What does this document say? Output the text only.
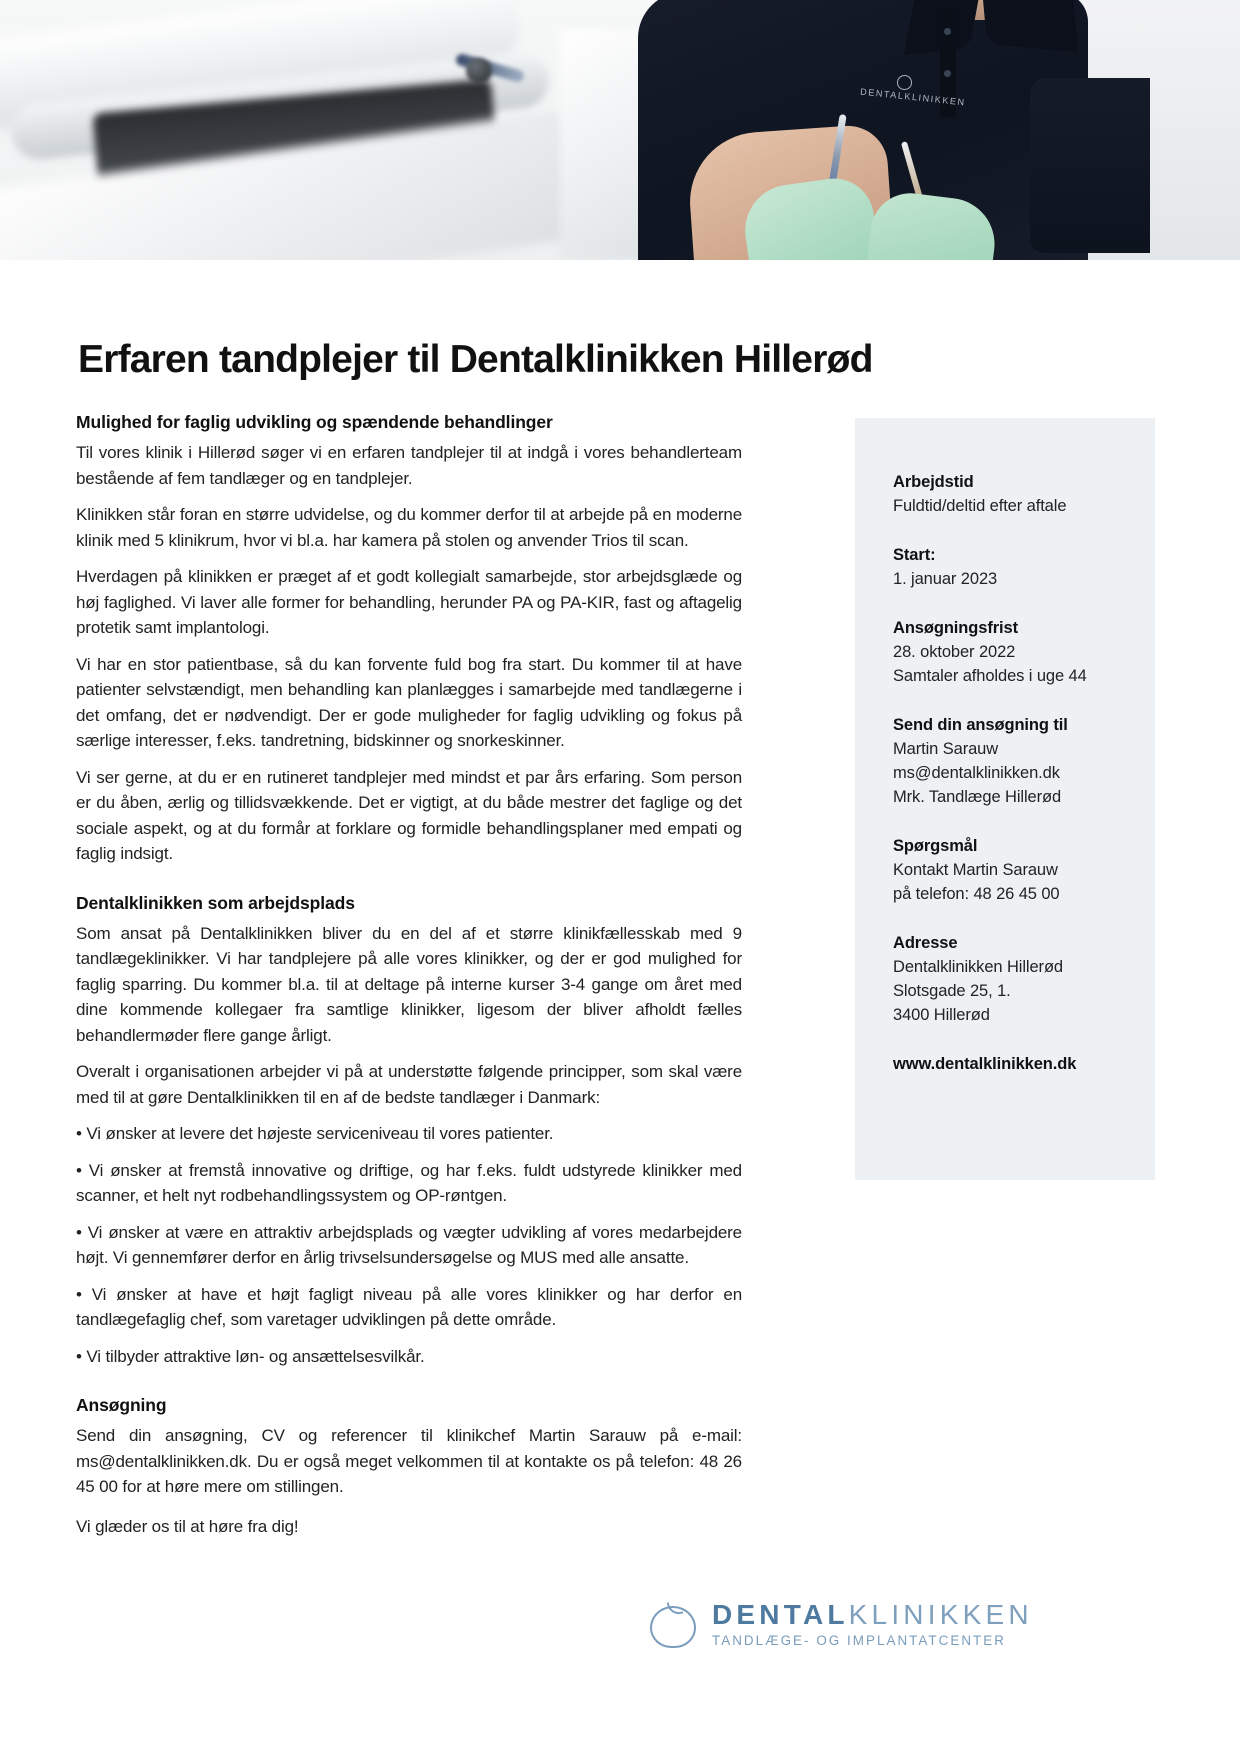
DENTALKLINIKKEN
Erfaren tandplejer til Dentalklinikken Hillerød
Mulighed for faglig udvikling og spændende behandlinger

Til vores klinik i Hillerød søger vi en erfaren tandplejer til at indgå i vores behandlerteam bestående af fem tandlæger og en tandplejer.

Klinikken står foran en større udvidelse, og du kommer derfor til at arbejde på en moderne klinik med 5 klinikrum, hvor vi bl.a. har kamera på stolen og anvender Trios til scan.

Hverdagen på klinikken er præget af et godt kollegialt samarbejde, stor arbejdsglæde og høj faglighed. Vi laver alle former for behandling, herunder PA og PA-KIR, fast og aftagelig protetik samt implantologi.

Vi har en stor patientbase, så du kan forvente fuld bog fra start. Du kommer til at have patienter selvstændigt, men behandling kan planlægges i samarbejde med tandlægerne i det omfang, det er nødvendigt. Der er gode muligheder for faglig udvikling og fokus på særlige interesser, f.eks. tandretning, bidskinner og snorkeskinner.

Vi ser gerne, at du er en rutineret tandplejer med mindst et par års erfaring. Som person er du åben, ærlig og tillidsvækkende. Det er vigtigt, at du både mestrer det faglige og det sociale aspekt, og at du formår at forklare og formidle behandlingsplaner med empati og faglig indsigt.

Dentalklinikken som arbejdsplads

Som ansat på Dentalklinikken bliver du en del af et større klinikfællesskab med 9 tandlægeklinikker. Vi har tandplejere på alle vores klinikker, og der er god mulighed for faglig sparring. Du kommer bl.a. til at deltage på interne kurser 3-4 gange om året med dine kommende kollegaer fra samtlige klinikker, ligesom der bliver afholdt fælles behandlermøder flere gange årligt.

Overalt i organisationen arbejder vi på at understøtte følgende principper, som skal være med til at gøre Dentalklinikken til en af de bedste tandlæger i Danmark:

• Vi ønsker at levere det højeste serviceniveau til vores patienter.

• Vi ønsker at fremstå innovative og driftige, og har f.eks. fuldt udstyrede klinikker med scanner, et helt nyt rodbehandlingssystem og OP-røntgen.

• Vi ønsker at være en attraktiv arbejdsplads og vægter udvikling af vores medarbejdere højt. Vi gennemfører derfor en årlig trivselsundersøgelse og MUS med alle ansatte.

• Vi ønsker at have et højt fagligt niveau på alle vores klinikker og har derfor en tandlægefaglig chef, som varetager udviklingen på dette område.

• Vi tilbyder attraktive løn- og ansættelsesvilkår.

Ansøgning

Send din ansøgning, CV og referencer til klinikchef Martin Sarauw på e-mail: ms@dentalklinikken.dk. Du er også meget velkommen til at kontakte os på telefon: 48 26 45 00 for at høre mere om stillingen.

Vi glæder os til at høre fra dig!

Arbejdstid
Fuldtid/deltid efter aftale
Start:
1. januar 2023
Ansøgningsfrist
28. oktober 2022
Samtaler afholdes i uge 44
Send din ansøgning til
Martin Sarauw
ms@dentalklinikken.dk
Mrk. Tandlæge Hillerød
Spørgsmål
Kontakt Martin Sarauw
på telefon: 48 26 45 00
Adresse
Dentalklinikken Hillerød
Slotsgade 25, 1.
3400 Hillerød
www.dentalklinikken.dk
DENTALKLINIKKEN
TANDLÆGE- OG IMPLANTATCENTER
